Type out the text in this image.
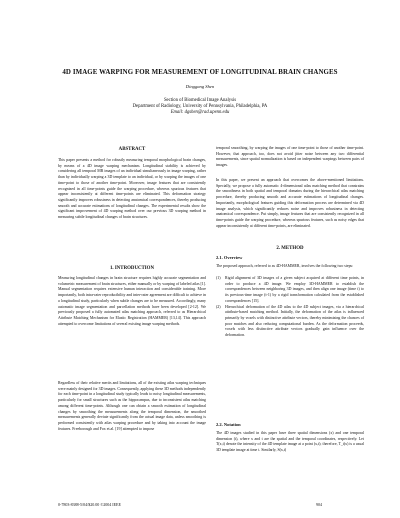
4D IMAGE WARPING FOR MEASUREMENT OF LONGITUDINAL BRAIN CHANGES
Dinggang Shen
Section of Biomedical Image Analysis
Department of Radiology, University of Pennsylvania, Philadelphia, PA
Email: dgshen@rad.upenn.edu
ABSTRACT
This paper presents a method for robustly measuring temporal morphological brain changes, by means of a 4D image warping mechanism. Longitudinal stability is achieved by considering all temporal MR images of an individual simultaneously in image warping, rather than by individually warping a 3D template to an individual, or by warping the images of one time-point to those of another time-point. Moreover, image features that are consistently recognized in all time-points guide the warping procedure, whereas spurious features that appear inconsistently at different time-points are eliminated. This deformation strategy significantly improves robustness in detecting anatomical correspondences, thereby producing smooth and accurate estimations of longitudinal changes. The experimental results show the significant improvement of 4D warping method over our previous 3D warping method in measuring subtle longitudinal changes of brain structures.
1. INTRODUCTION
Measuring longitudinal changes in brain structure requires highly accurate segmentation and volumetric measurement of brain structures, either manually or by warping of labeled atlas [1]. Manual segmentation requires extensive human interaction and considerable training. More importantly, both intra-rater reproducibility and inter-rater agreement are difficult to achieve in a longitudinal study, particularly when subtle changes are to be measured. Accordingly, many automatic image segmentation and parcellation methods have been developed [2-12]. We previously proposed a fully automated atlas matching approach, referred to as Hierarchical Attribute Matching Mechanism for Elastic Registration (HAMMER) [13,14]. This approach attempted to overcome limitations of several existing image warping methods.
Regardless of their relative merits and limitations, all of the existing atlas warping techniques were mainly designed for 3D images. Consequently, applying these 3D methods independently for each time-point in a longitudinal study typically leads to noisy longitudinal measurements, particularly for small structures such as the hippocampus, due to inconsistent atlas matching among different time-points. Although one can obtain a smooth estimation of longitudinal changes by smoothing the measurements along the temporal dimension, the smoothed measurements generally deviate significantly from the actual image data, unless smoothing is performed consistently with atlas warping procedure and by taking into account the image features. Freeborough and Fox et.al. [19] attempted to impose
temporal smoothing, by warping the images of one time-point to those of another time-point. However, that approach, too, does not avoid jitter noise between any two differential measurements, since spatial normalization is based on independent warpings between pairs of images.
In this paper, we present an approach that overcomes the above-mentioned limitations. Specially, we propose a fully automatic 4-dimensional atlas matching method that constrains the smoothness in both spatial and temporal domains during the hierarchical atlas matching procedure, thereby producing smooth and accurate estimations of longitudinal changes. Importantly, morphological features guiding this deformation process are determined via 4D image analysis, which significantly reduces noise and improves robustness in detecting anatomical correspondence. Put simply, image features that are consistently recognized in all time-points guide the warping procedure, whereas spurious features, such as noisy edges that appear inconsistently at different time-points, are eliminated.
2. METHOD
2.1. Overview
The proposed approach, referred to as 4D-HAMMER, involves the following two steps:
(1) Rigid alignment of 3D images of a given subject acquired at different time points, in order to produce a 4D image. We employ 3D-HAMMER to establish the correspondences between neighboring 3D images, and then align one image (time t) to its previous-time image (t-1) by a rigid transformation calculated from the established correspondences [15].
(2) Hierarchical deformation of the 4D atlas to the 4D subject images, via a hierarchical attribute-based matching method. Initially, the deformation of the atlas is influenced primarily by voxels with distinctive attribute vectors, thereby minimizing the chances of poor matches and also reducing computational burden. As the deformation proceeds, voxels with less distinctive attribute vectors gradually gain influence over the deformation.
2.2. Notation
The 4D images studied in this paper have three spatial dimensions (x) and one temporal dimension (t), where x and t are the spatial and the temporal coordinates, respectively. Let T(x,t) denote the intensity of the 4D template image at a point (x,t); therefore, T_t(x) is a usual 3D template image at time t. Similarly, S(x,t)
0-7803-8388-5/04/$20.00 ©2004 IEEE	904
